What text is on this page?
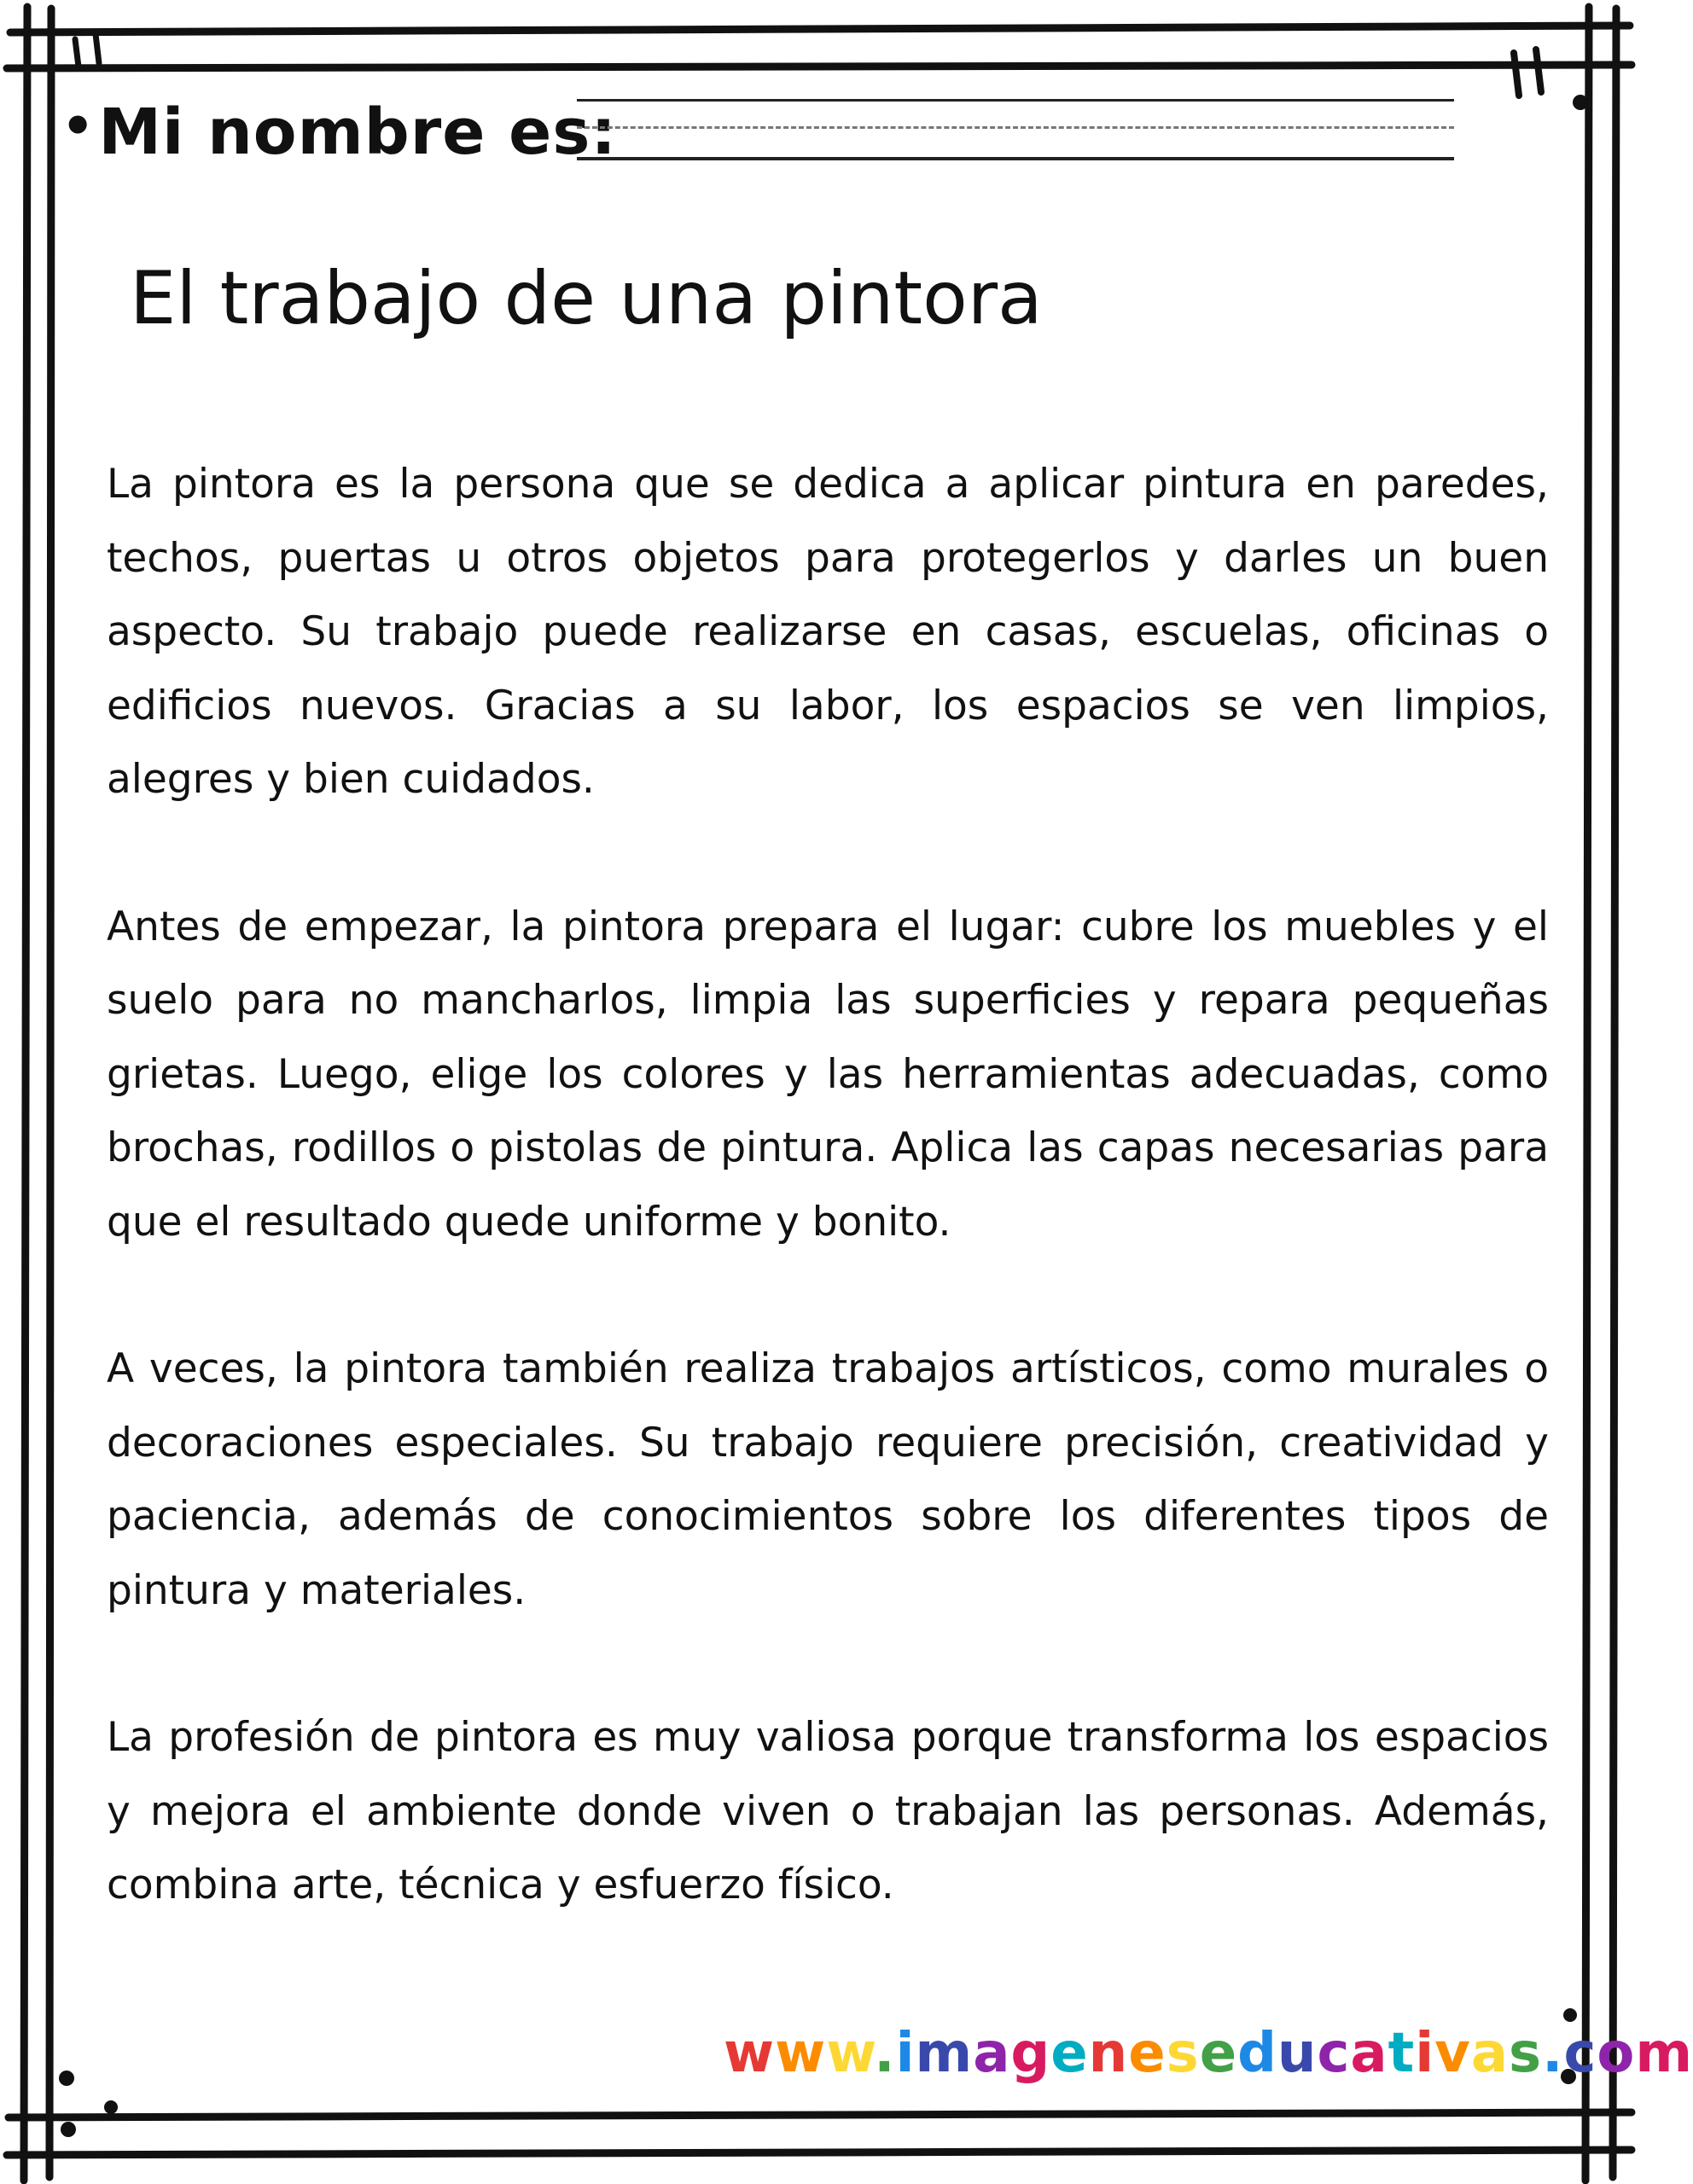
•Mi nombre es:
El trabajo de una pintora

La pintora es la persona que se dedica a aplicar pintura en paredes, techos, puertas u otros objetos para protegerlos y darles un buen aspecto. Su trabajo puede realizarse en casas, escuelas, oficinas o edificios nuevos. Gracias a su labor, los espacios se ven limpios, alegres y bien cuidados.

Antes de empezar, la pintora prepara el lugar: cubre los muebles y el suelo para no mancharlos, limpia las superficies y repara pequeñas grietas. Luego, elige los colores y las herramientas adecuadas, como brochas, rodillos o pistolas de pintura. Aplica las capas necesarias para que el resultado quede uniforme y bonito.

A veces, la pintora también realiza trabajos artísticos, como murales o decoraciones especiales. Su trabajo requiere precisión, creatividad y paciencia, además de conocimientos sobre los diferentes tipos de pintura y materiales.

La profesión de pintora es muy valiosa porque transforma los espacios y mejora el ambiente donde viven o trabajan las personas. Además, combina arte, técnica y esfuerzo físico.

www.imageneseducativas.com
